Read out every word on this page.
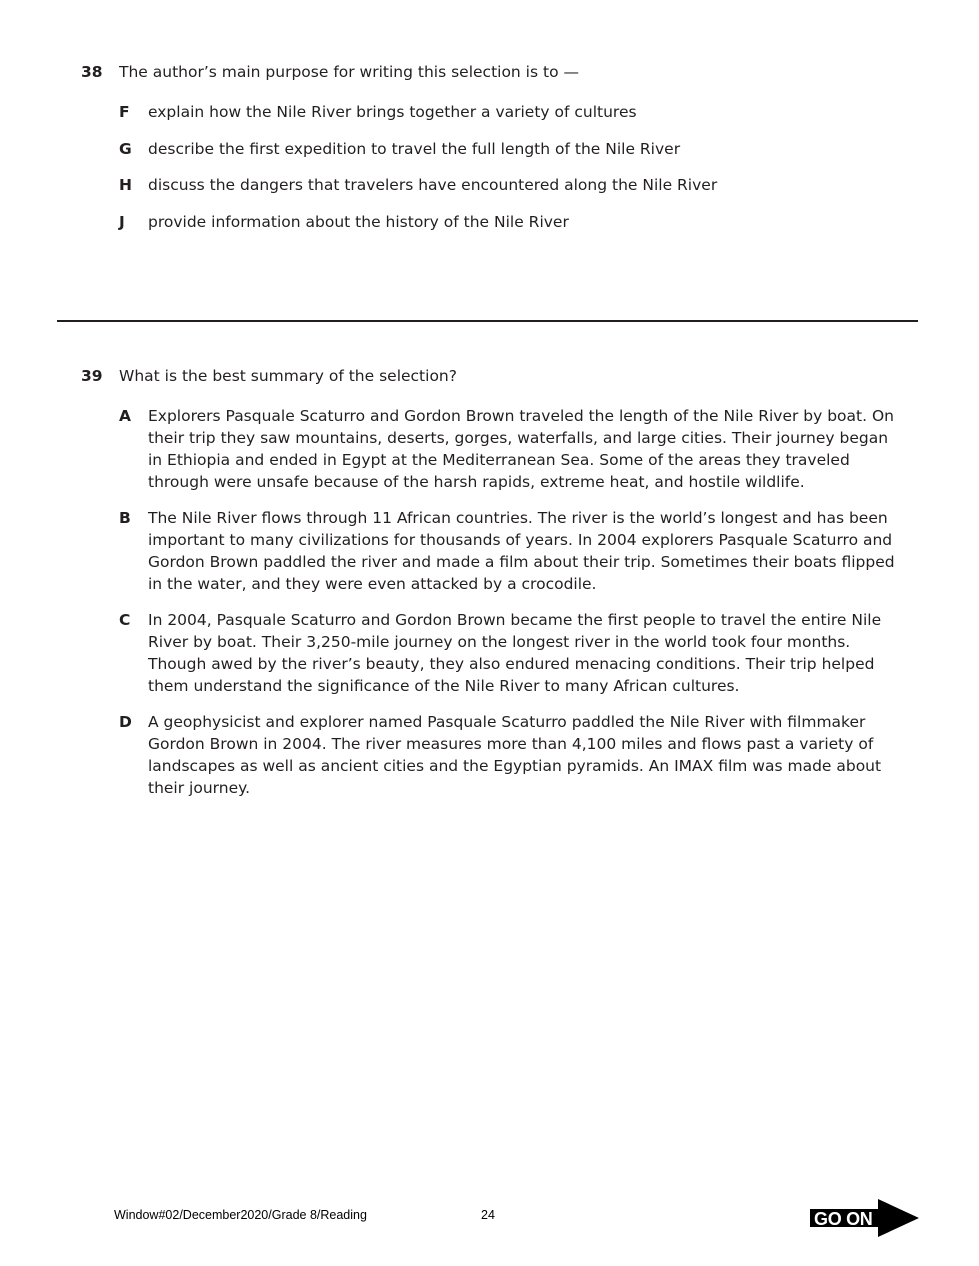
38	The author’s main purpose for writing this selection is to —
F	explain how the Nile River brings together a variety of cultures
G	describe the first expedition to travel the full length of the Nile River
H	discuss the dangers that travelers have encountered along the Nile River
J	provide information about the history of the Nile River
39	What is the best summary of the selection?
A	Explorers Pasquale Scaturro and Gordon Brown traveled the length of the Nile River by boat. On their trip they saw mountains, deserts, gorges, waterfalls, and large cities. Their journey began in Ethiopia and ended in Egypt at the Mediterranean Sea. Some of the areas they traveled through were unsafe because of the harsh rapids, extreme heat, and hostile wildlife.
B	The Nile River flows through 11 African countries. The river is the world’s longest and has been important to many civilizations for thousands of years. In 2004 explorers Pasquale Scaturro and Gordon Brown paddled the river and made a film about their trip. Sometimes their boats flipped in the water, and they were even attacked by a crocodile.
C	In 2004, Pasquale Scaturro and Gordon Brown became the first people to travel the entire Nile River by boat. Their 3,250-mile journey on the longest river in the world took four months. Though awed by the river’s beauty, they also endured menacing conditions. Their trip helped them understand the significance of the Nile River to many African cultures.
D	A geophysicist and explorer named Pasquale Scaturro paddled the Nile River with filmmaker Gordon Brown in 2004. The river measures more than 4,100 miles and flows past a variety of landscapes as well as ancient cities and the Egyptian pyramids. An IMAX film was made about their journey.
Window#02/December2020/Grade 8/Reading	24	GO ON
